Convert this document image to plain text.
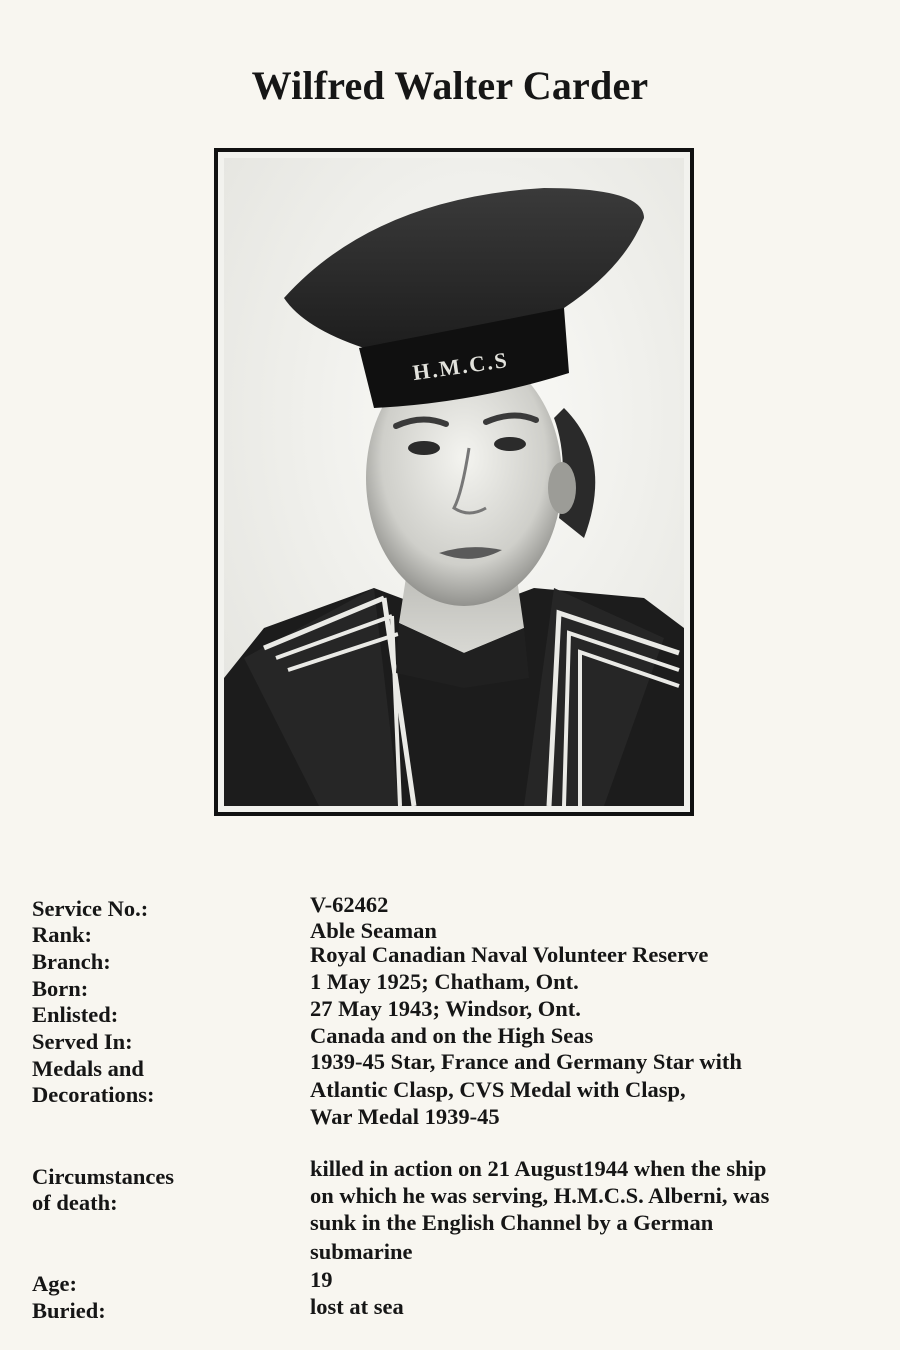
Wilfred Walter Carder
H.M.C.S
Service No.:	V-62462
Rank:	Able Seaman
Branch:	Royal Canadian Naval Volunteer Reserve
Born:	1 May 1925; Chatham, Ont.
Enlisted:	27 May 1943; Windsor, Ont.
Served In:	Canada and on the High Seas
Medals and
Decorations:
1939-45 Star, France and Germany Star with
Atlantic Clasp, CVS Medal with Clasp,
War Medal 1939-45
Circumstances
of death:
killed in action on 21 August1944 when the ship
on which he was serving, H.M.C.S. Alberni, was
sunk in the English Channel by a German
submarine
Age:	19
Buried:	lost at sea
